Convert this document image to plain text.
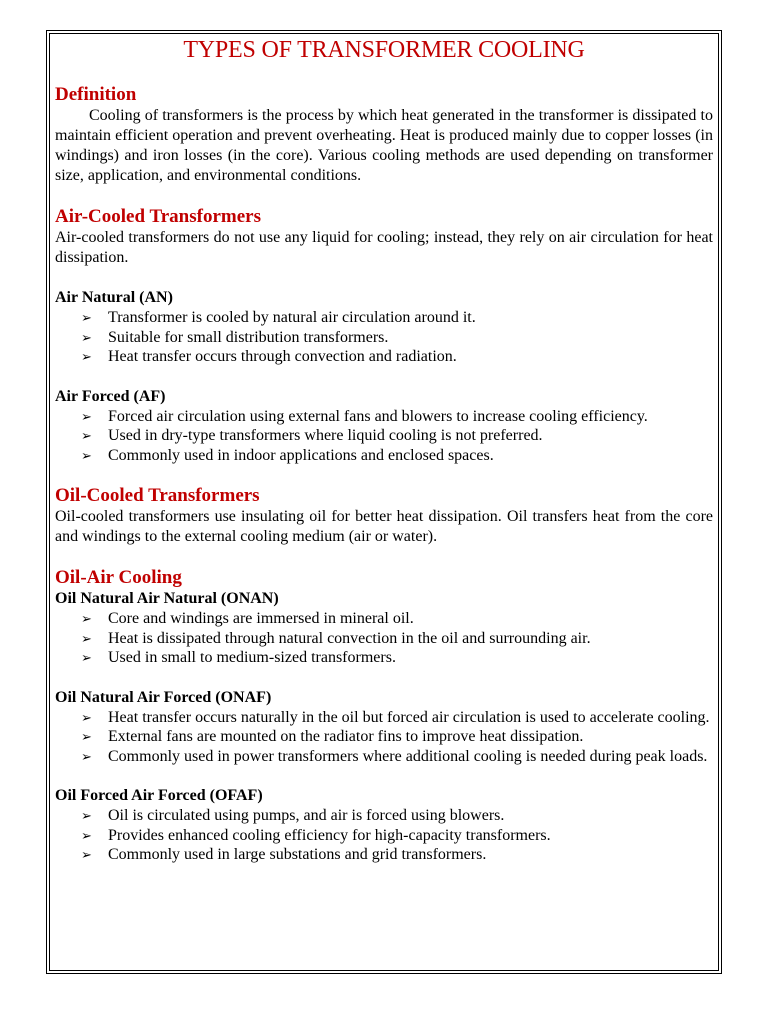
TYPES OF TRANSFORMER COOLING
Definition

Cooling of transformers is the process by which heat generated in the transformer is dissipated to maintain efficient operation and prevent overheating. Heat is produced mainly due to copper losses (in windings) and iron losses (in the core). Various cooling methods are used depending on transformer size, application, and environmental conditions.

Air-Cooled Transformers

Air-cooled transformers do not use any liquid for cooling; instead, they rely on air circulation for heat dissipation.

Air Natural (AN)

➢ Transformer is cooled by natural air circulation around it.
➢ Suitable for small distribution transformers.
➢ Heat transfer occurs through convection and radiation.

Air Forced (AF)

➢ Forced air circulation using external fans and blowers to increase cooling efficiency.
➢ Used in dry-type transformers where liquid cooling is not preferred.
➢ Commonly used in indoor applications and enclosed spaces.
Oil-Cooled Transformers

Oil-cooled transformers use insulating oil for better heat dissipation. Oil transfers heat from the core and windings to the external cooling medium (air or water).

Oil-Air Cooling

Oil Natural Air Natural (ONAN)

➢ Core and windings are immersed in mineral oil.
➢ Heat is dissipated through natural convection in the oil and surrounding air.
➢ Used in small to medium-sized transformers.

Oil Natural Air Forced (ONAF)

➢ Heat transfer occurs naturally in the oil but forced air circulation is used to accelerate cooling.
➢ External fans are mounted on the radiator fins to improve heat dissipation.
➢ Commonly used in power transformers where additional cooling is needed during peak loads.

Oil Forced Air Forced (OFAF)

➢ Oil is circulated using pumps, and air is forced using blowers.
➢ Provides enhanced cooling efficiency for high-capacity transformers.
➢ Commonly used in large substations and grid transformers.
